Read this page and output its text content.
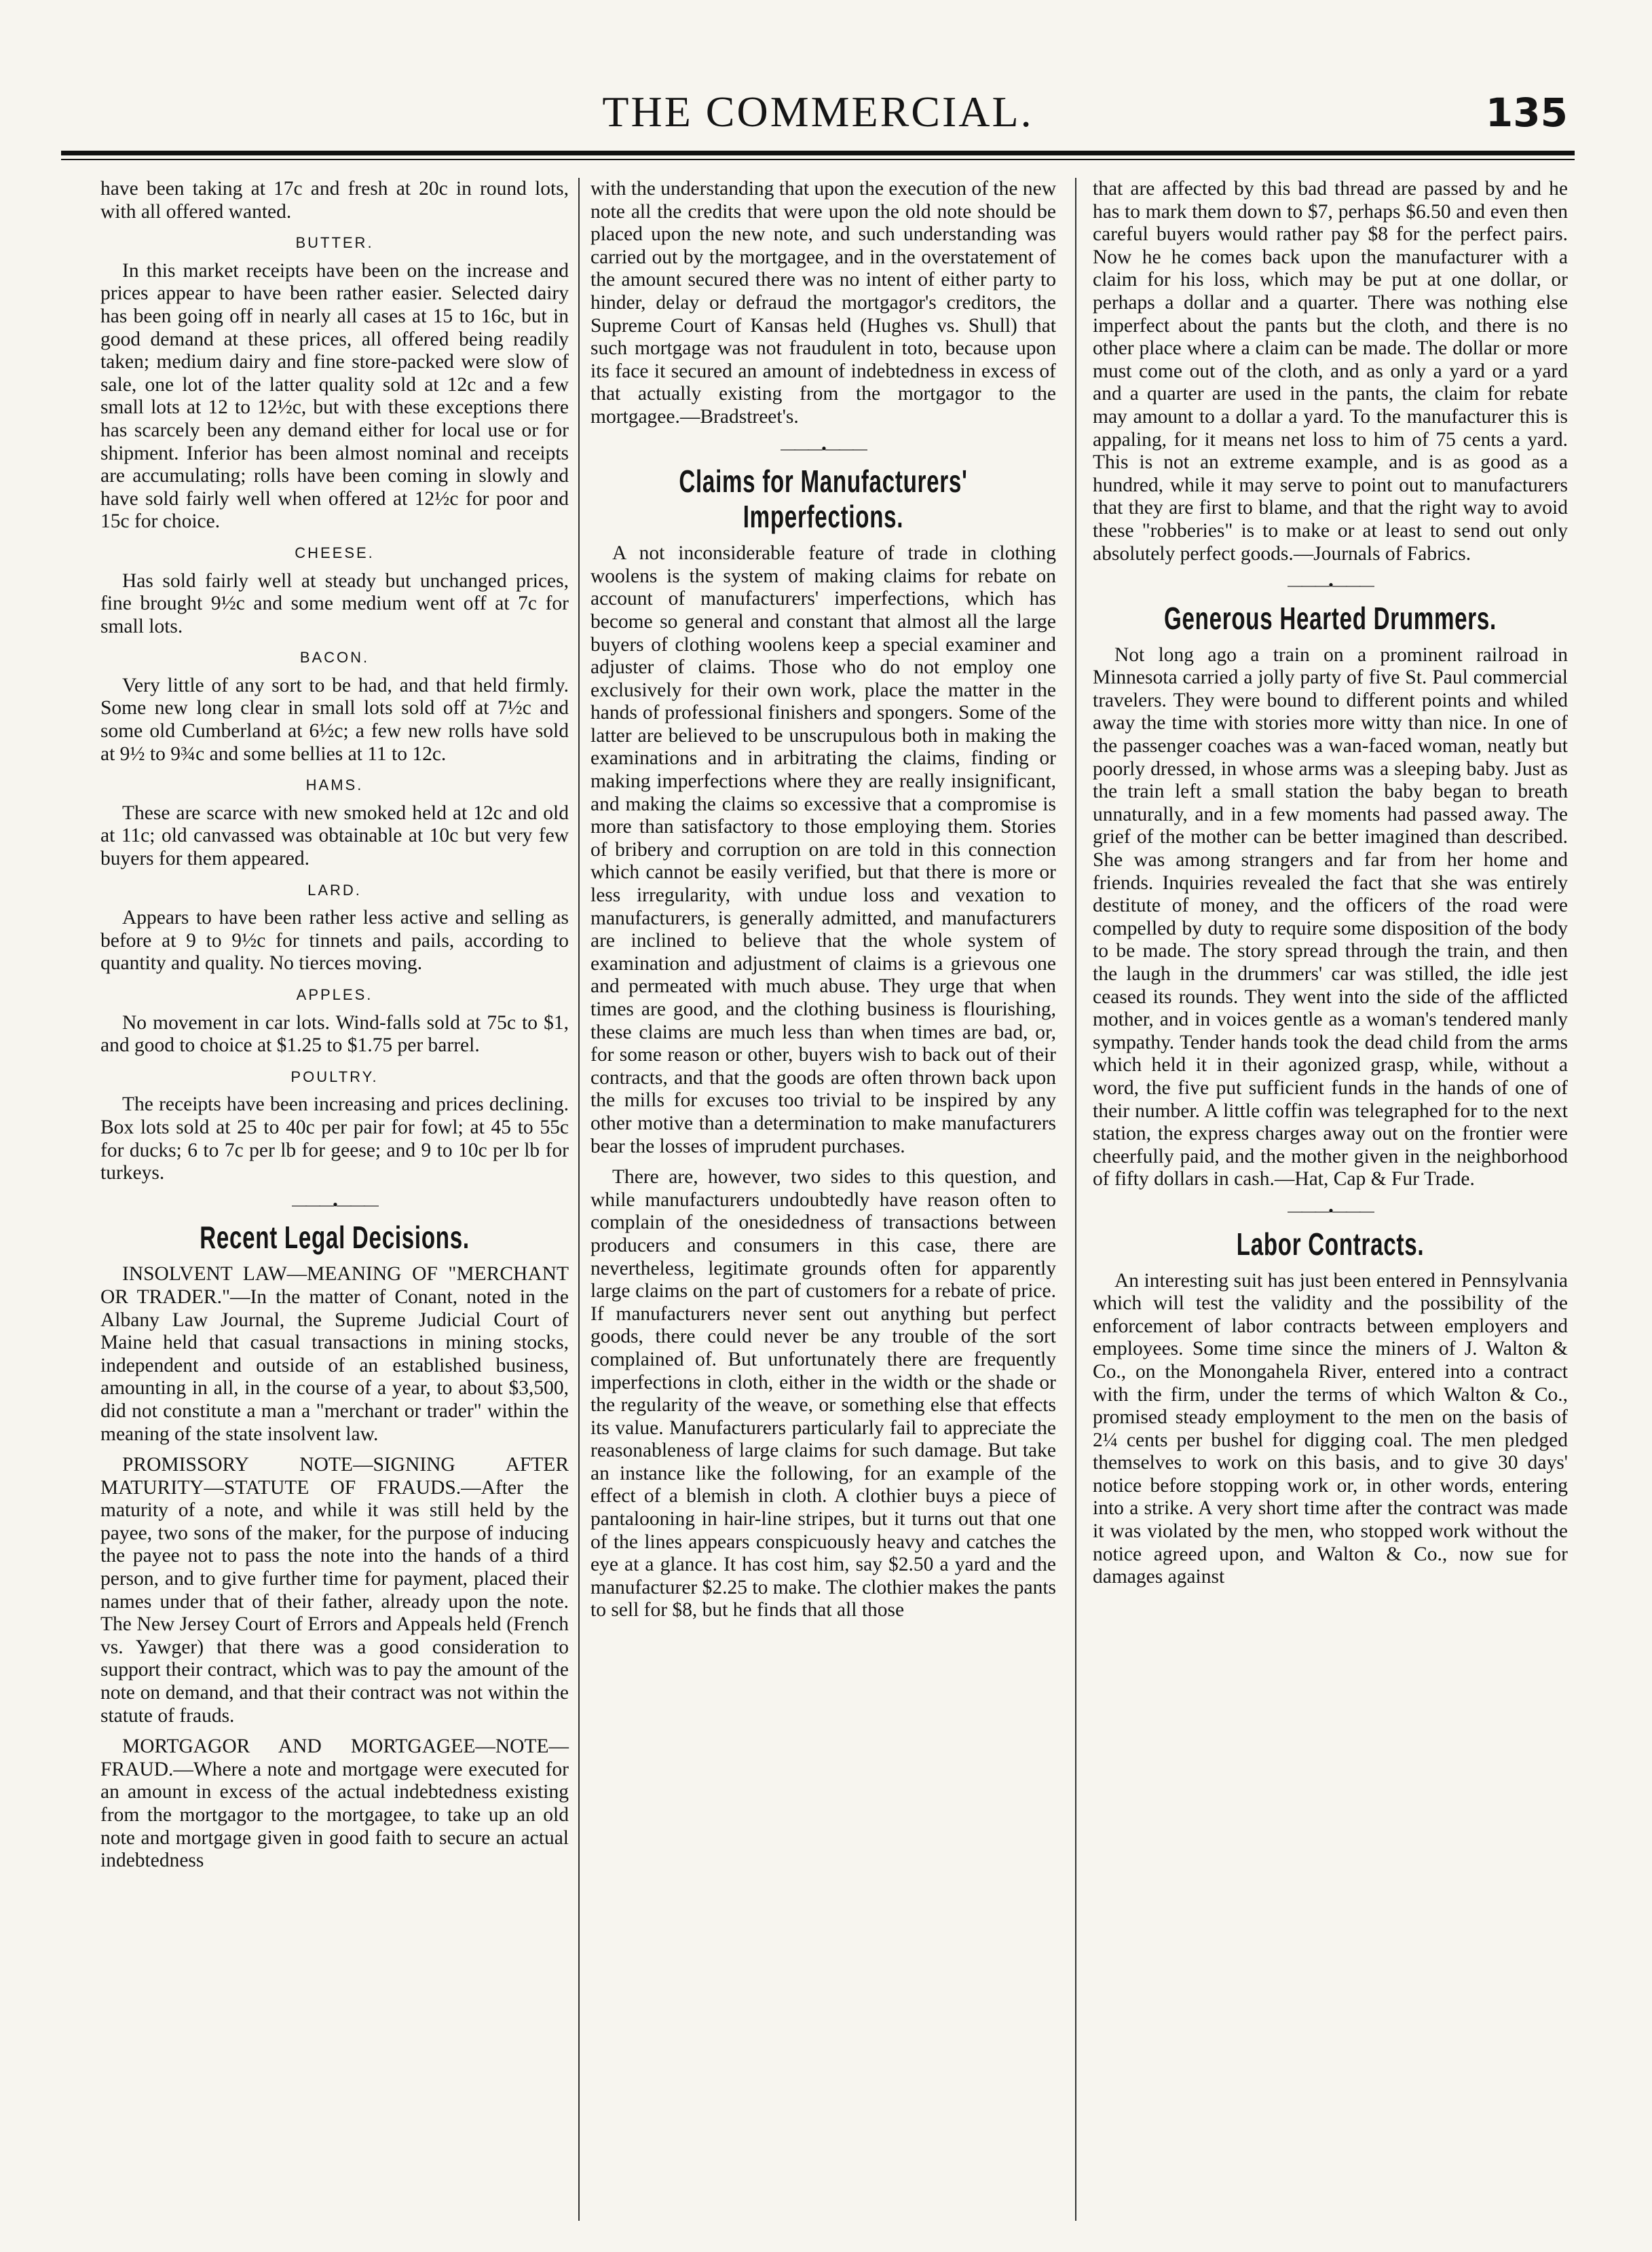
THE COMMERCIAL.	135

have been taking at 17c and fresh at 20c in round lots, with all offered wanted.

BUTTER.

In this market receipts have been on the increase and prices appear to have been rather easier. Selected dairy has been going off in nearly all cases at 15 to 16c, but in good demand at these prices, all offered being readily taken; medium dairy and fine store-packed were slow of sale, one lot of the latter quality sold at 12c and a few small lots at 12 to 12½c, but with these exceptions there has scarcely been any demand either for local use or for shipment. Inferior has been almost nominal and receipts are accumulating; rolls have been coming in slowly and have sold fairly well when offered at 12½c for poor and 15c for choice.

CHEESE.

Has sold fairly well at steady but unchanged prices, fine brought 9½c and some medium went off at 7c for small lots.

BACON.

Very little of any sort to be had, and that held firmly. Some new long clear in small lots sold off at 7½c and some old Cumberland at 6½c; a few new rolls have sold at 9½ to 9¾c and some bellies at 11 to 12c.

HAMS.

These are scarce with new smoked held at 12c and old at 11c; old canvassed was obtainable at 10c but very few buyers for them appeared.

LARD.

Appears to have been rather less active and selling as before at 9 to 9½c for tinnets and pails, according to quantity and quality. No tierces moving.

APPLES.

No movement in car lots. Wind-falls sold at 75c to $1, and good to choice at $1.25 to $1.75 per barrel.

POULTRY.

The receipts have been increasing and prices declining. Box lots sold at 25 to 40c per pair for fowl; at 45 to 55c for ducks; 6 to 7c per lb for geese; and 9 to 10c per lb for turkeys.

———•———
Recent Legal Decisions.

INSOLVENT LAW—MEANING OF "MERCHANT OR TRADER."—In the matter of Conant, noted in the Albany Law Journal, the Supreme Judicial Court of Maine held that casual transactions in mining stocks, independent and outside of an established business, amounting in all, in the course of a year, to about $3,500, did not constitute a man a "merchant or trader" within the meaning of the state insolvent law.

PROMISSORY NOTE—SIGNING AFTER MATURITY—STATUTE OF FRAUDS.—After the maturity of a note, and while it was still held by the payee, two sons of the maker, for the purpose of inducing the payee not to pass the note into the hands of a third person, and to give further time for payment, placed their names under that of their father, already upon the note. The New Jersey Court of Errors and Appeals held (French vs. Yawger) that there was a good consideration to support their contract, which was to pay the amount of the note on demand, and that their contract was not within the statute of frauds.

MORTGAGOR AND MORTGAGEE—NOTE—FRAUD.—Where a note and mortgage were executed for an amount in excess of the actual indebtedness existing from the mortgagor to the mortgagee, to take up an old note and mortgage given in good faith to secure an actual indebtedness

with the understanding that upon the execution of the new note all the credits that were upon the old note should be placed upon the new note, and such understanding was carried out by the mortgagee, and in the overstatement of the amount secured there was no intent of either party to hinder, delay or defraud the mortgagor's creditors, the Supreme Court of Kansas held (Hughes vs. Shull) that such mortgage was not fraudulent in toto, because upon its face it secured an amount of indebtedness in excess of that actually existing from the mortgagor to the mortgagee.—Bradstreet's.

———•———
Claims for Manufacturers' Imperfections.

A not inconsiderable feature of trade in clothing woolens is the system of making claims for rebate on account of manufacturers' imperfections, which has become so general and constant that almost all the large buyers of clothing woolens keep a special examiner and adjuster of claims. Those who do not employ one exclusively for their own work, place the matter in the hands of professional finishers and spongers. Some of the latter are believed to be unscrupulous both in making the examinations and in arbitrating the claims, finding or making imperfections where they are really insignificant, and making the claims so excessive that a compromise is more than satisfactory to those employing them. Stories of bribery and corruption on are told in this connection which cannot be easily verified, but that there is more or less irregularity, with undue loss and vexation to manufacturers, is generally admitted, and manufacturers are inclined to believe that the whole system of examination and adjustment of claims is a grievous one and permeated with much abuse. They urge that when times are good, and the clothing business is flourishing, these claims are much less than when times are bad, or, for some reason or other, buyers wish to back out of their contracts, and that the goods are often thrown back upon the mills for excuses too trivial to be inspired by any other motive than a determination to make manufacturers bear the losses of imprudent purchases.

There are, however, two sides to this question, and while manufacturers undoubtedly have reason often to complain of the onesidedness of transactions between producers and consumers in this case, there are nevertheless, legitimate grounds often for apparently large claims on the part of customers for a rebate of price. If manufacturers never sent out anything but perfect goods, there could never be any trouble of the sort complained of. But unfortunately there are frequently imperfections in cloth, either in the width or the shade or the regularity of the weave, or something else that effects its value. Manufacturers particularly fail to appreciate the reasonableness of large claims for such damage. But take an instance like the following, for an example of the effect of a blemish in cloth. A clothier buys a piece of pantalooning in hair-line stripes, but it turns out that one of the lines appears conspicuously heavy and catches the eye at a glance. It has cost him, say $2.50 a yard and the manufacturer $2.25 to make. The clothier makes the pants to sell for $8, but he finds that all those

that are affected by this bad thread are passed by and he has to mark them down to $7, perhaps $6.50 and even then careful buyers would rather pay $8 for the perfect pairs. Now he he comes back upon the manufacturer with a claim for his loss, which may be put at one dollar, or perhaps a dollar and a quarter. There was nothing else imperfect about the pants but the cloth, and there is no other place where a claim can be made. The dollar or more must come out of the cloth, and as only a yard or a yard and a quarter are used in the pants, the claim for rebate may amount to a dollar a yard. To the manufacturer this is appaling, for it means net loss to him of 75 cents a yard. This is not an extreme example, and is as good as a hundred, while it may serve to point out to manufacturers that they are first to blame, and that the right way to avoid these "robberies" is to make or at least to send out only absolutely perfect goods.—Journals of Fabrics.

———•———
Generous Hearted Drummers.

Not long ago a train on a prominent railroad in Minnesota carried a jolly party of five St. Paul commercial travelers. They were bound to different points and whiled away the time with stories more witty than nice. In one of the passenger coaches was a wan-faced woman, neatly but poorly dressed, in whose arms was a sleeping baby. Just as the train left a small station the baby began to breath unnaturally, and in a few moments had passed away. The grief of the mother can be better imagined than described. She was among strangers and far from her home and friends. Inquiries revealed the fact that she was entirely destitute of money, and the officers of the road were compelled by duty to require some disposition of the body to be made. The story spread through the train, and then the laugh in the drummers' car was stilled, the idle jest ceased its rounds. They went into the side of the afflicted mother, and in voices gentle as a woman's tendered manly sympathy. Tender hands took the dead child from the arms which held it in their agonized grasp, while, without a word, the five put sufficient funds in the hands of one of their number. A little coffin was telegraphed for to the next station, the express charges away out on the frontier were cheerfully paid, and the mother given in the neighborhood of fifty dollars in cash.—Hat, Cap & Fur Trade.

———•———
Labor Contracts.

An interesting suit has just been entered in Pennsylvania which will test the validity and the possibility of the enforcement of labor contracts between employers and employees. Some time since the miners of J. Walton & Co., on the Monongahela River, entered into a contract with the firm, under the terms of which Walton & Co., promised steady employment to the men on the basis of 2¼ cents per bushel for digging coal. The men pledged themselves to work on this basis, and to give 30 days' notice before stopping work or, in other words, entering into a strike. A very short time after the contract was made it was violated by the men, who stopped work without the notice agreed upon, and Walton & Co., now sue for damages against
